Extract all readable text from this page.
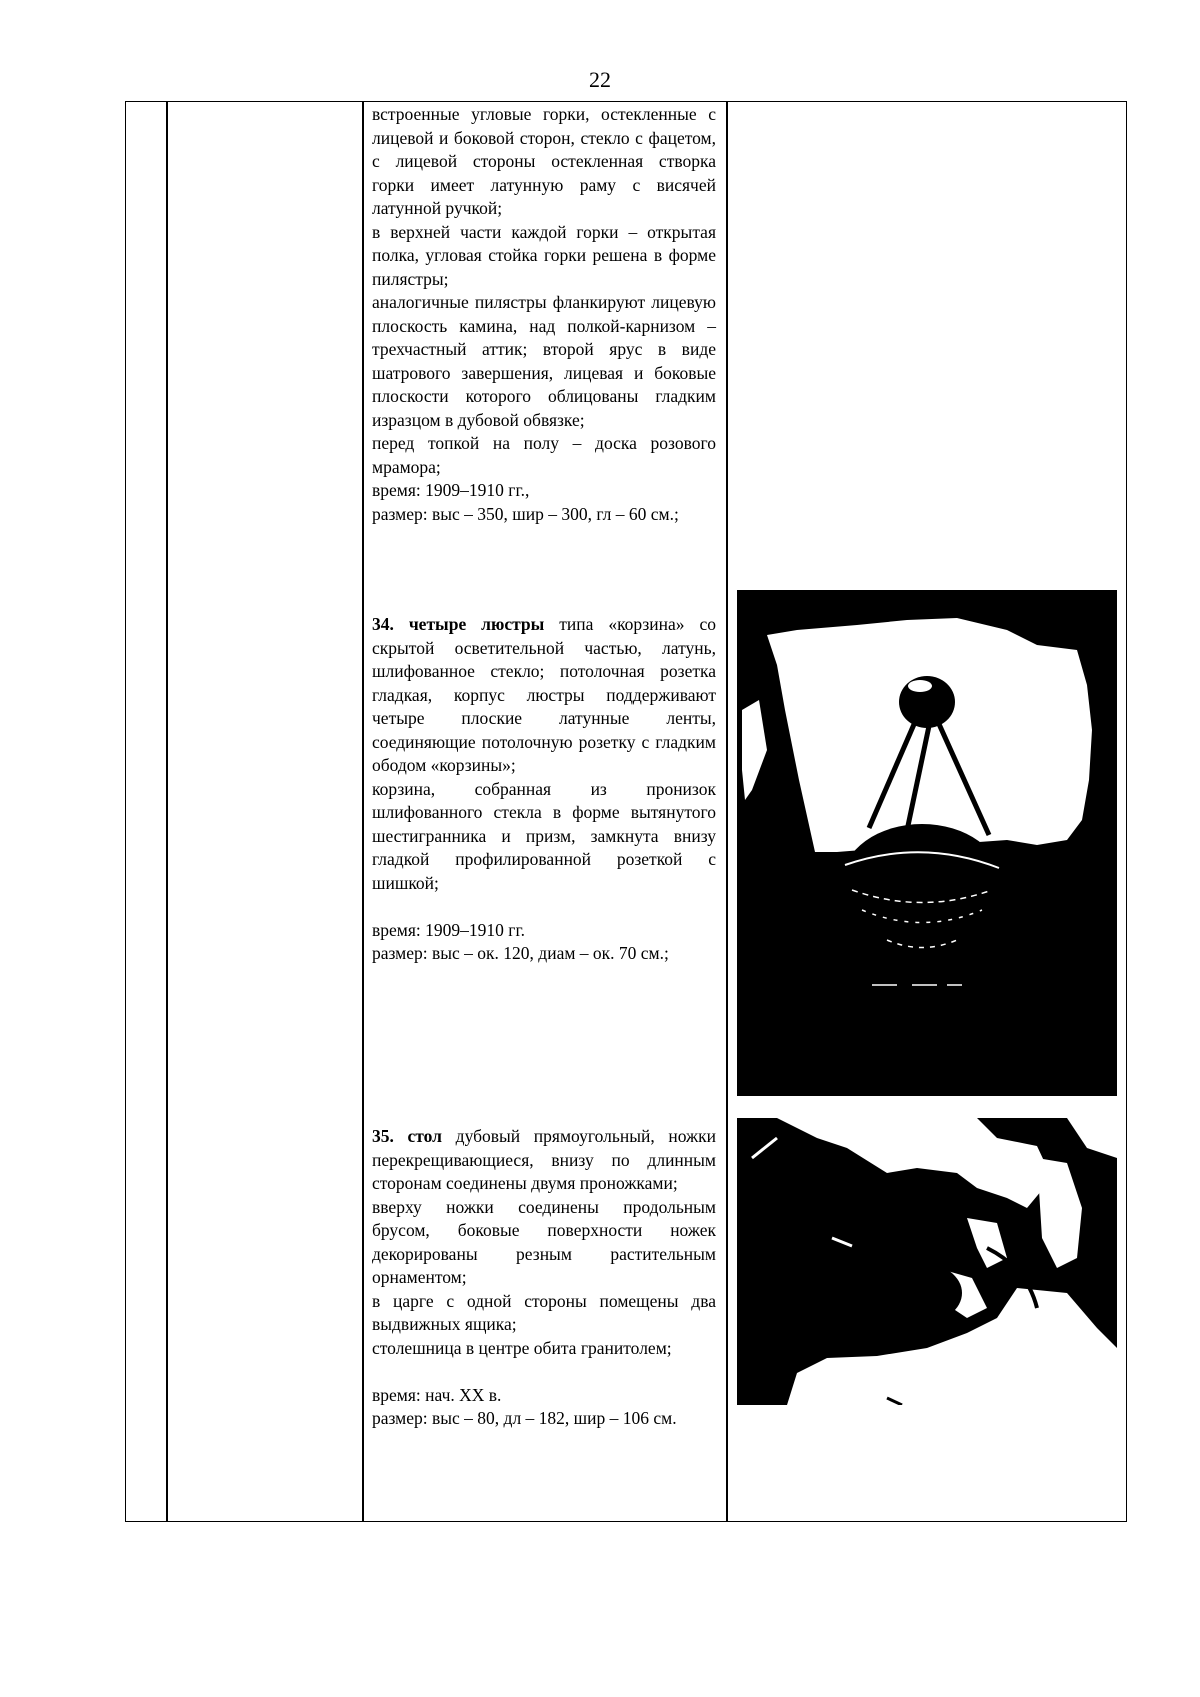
22

встроенные угловые горки, остекленные с лицевой и боковой сторон, стекло с фацетом, с лицевой стороны остекленная створка горки имеет латунную раму с висячей латунной ручкой;

в верхней части каждой горки – открытая полка, угловая стойка горки решена в форме пилястры;

аналогичные пилястры фланкируют лицевую плоскость камина, над полкой-карнизом – трехчастный аттик; второй ярус в виде шатрового завершения, лицевая и боковые плоскости которого облицованы гладким изразцом в дубовой обвязке;

перед топкой на полу – доска розового мрамора;

время: 1909–1910 гг.,

размер: выс – 350, шир – 300, гл – 60 см.;

34. четыре люстры типа «корзина» со скрытой осветительной частью, латунь, шлифованное стекло; потолочная розетка гладкая, корпус люстры поддерживают четыре плоские латунные ленты, соединяющие потолочную розетку с гладким ободом «корзины»;

корзина, собранная из пронизок шлифованного стекла в форме вытянутого шестигранника и призм, замкнута внизу гладкой профилированной розеткой с шишкой;

время: 1909–1910 гг.

размер: выс – ок. 120, диам – ок. 70 см.;

35. стол дубовый прямоугольный, ножки перекрещивающиеся, внизу по длинным сторонам соединены двумя проножками;

вверху ножки соединены продольным брусом, боковые поверхности ножек декорированы резным растительным орнаментом;

в царге с одной стороны помещены два выдвижных ящика;

столешница в центре обита гранитолем;

время: нач. XX в.

размер: выс – 80, дл – 182, шир – 106 см.
